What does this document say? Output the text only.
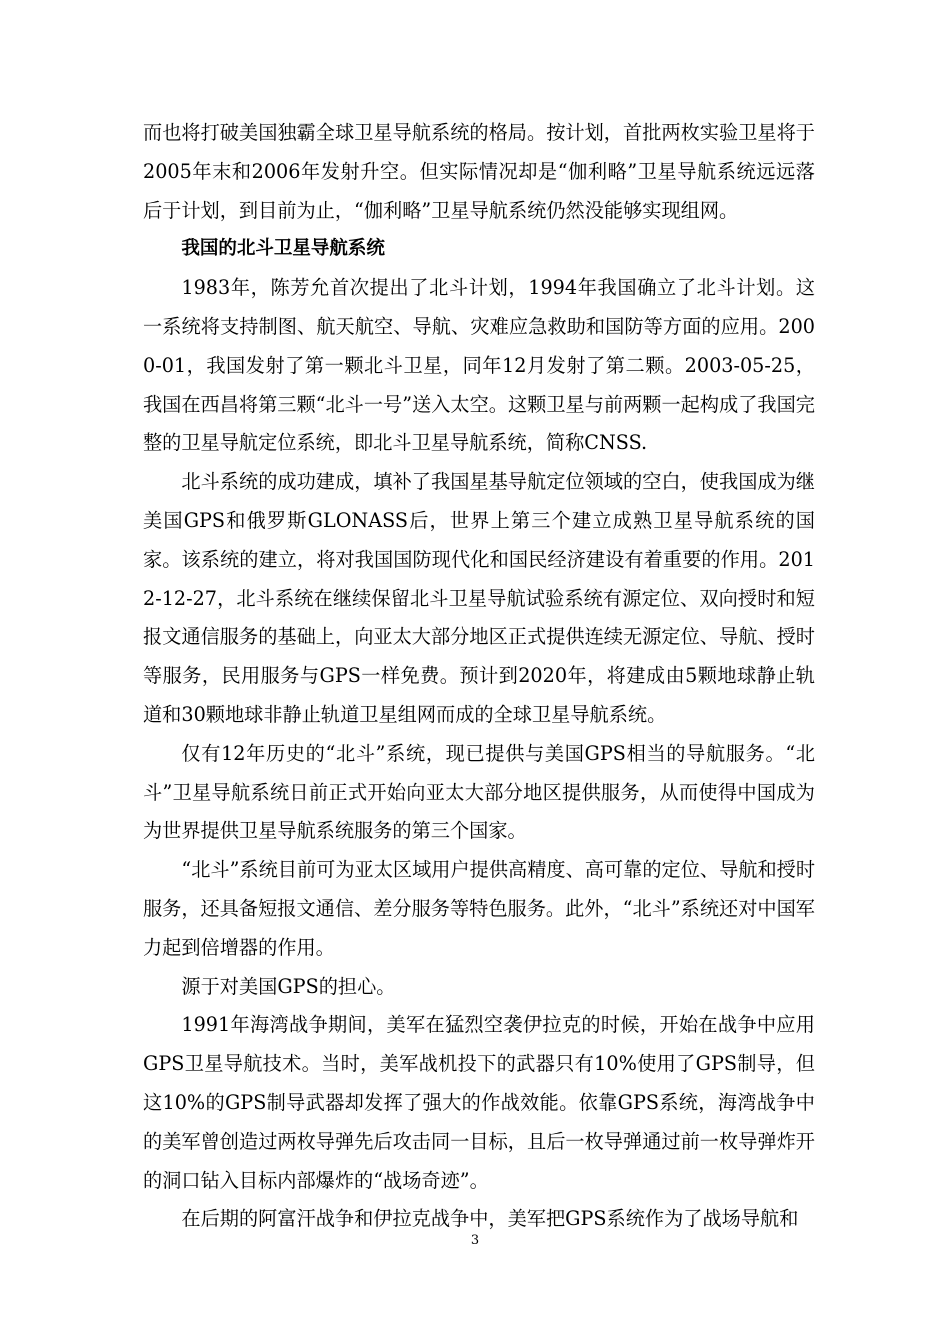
而也将打破美国独霸全球卫星导航系统的格局。按计划，首批两枚实验卫星将于2005年末和2006年发射升空。但实际情况却是“伽利略”卫星导航系统远远落后于计划，到目前为止，“伽利略”卫星导航系统仍然没能够实现组网。

我国的北斗卫星导航系统

1983年，陈芳允首次提出了北斗计划，1994年我国确立了北斗计划。这一系统将支持制图、航天航空、导航、灾难应急救助和国防等方面的应用。2000-01，我国发射了第一颗北斗卫星，同年12月发射了第二颗。2003-05-25，我国在西昌将第三颗“北斗一号”送入太空。这颗卫星与前两颗一起构成了我国完整的卫星导航定位系统，即北斗卫星导航系统，简称CNSS.

北斗系统的成功建成，填补了我国星基导航定位领域的空白，使我国成为继美国GPS和俄罗斯GLONASS后，世界上第三个建立成熟卫星导航系统的国家。该系统的建立，将对我国国防现代化和国民经济建设有着重要的作用。2012-12-27，北斗系统在继续保留北斗卫星导航试验系统有源定位、双向授时和短报文通信服务的基础上，向亚太大部分地区正式提供连续无源定位、导航、授时等服务，民用服务与GPS一样免费。预计到2020年，将建成由5颗地球静止轨道和30颗地球非静止轨道卫星组网而成的全球卫星导航系统。

仅有12年历史的“北斗”系统，现已提供与美国GPS相当的导航服务。“北斗”卫星导航系统日前正式开始向亚太大部分地区提供服务，从而使得中国成为为世界提供卫星导航系统服务的第三个国家。

“北斗”系统目前可为亚太区域用户提供高精度、高可靠的定位、导航和授时服务，还具备短报文通信、差分服务等特色服务。此外，“北斗”系统还对中国军力起到倍增器的作用。

源于对美国GPS的担心。

1991年海湾战争期间，美军在猛烈空袭伊拉克的时候，开始在战争中应用GPS卫星导航技术。当时，美军战机投下的武器只有10%使用了GPS制导，但这10%的GPS制导武器却发挥了强大的作战效能。依靠GPS系统，海湾战争中的美军曾创造过两枚导弹先后攻击同一目标，且后一枚导弹通过前一枚导弹炸开的洞口钻入目标内部爆炸的“战场奇迹”。

在后期的阿富汗战争和伊拉克战争中，美军把GPS系统作为了战场导航和

3
